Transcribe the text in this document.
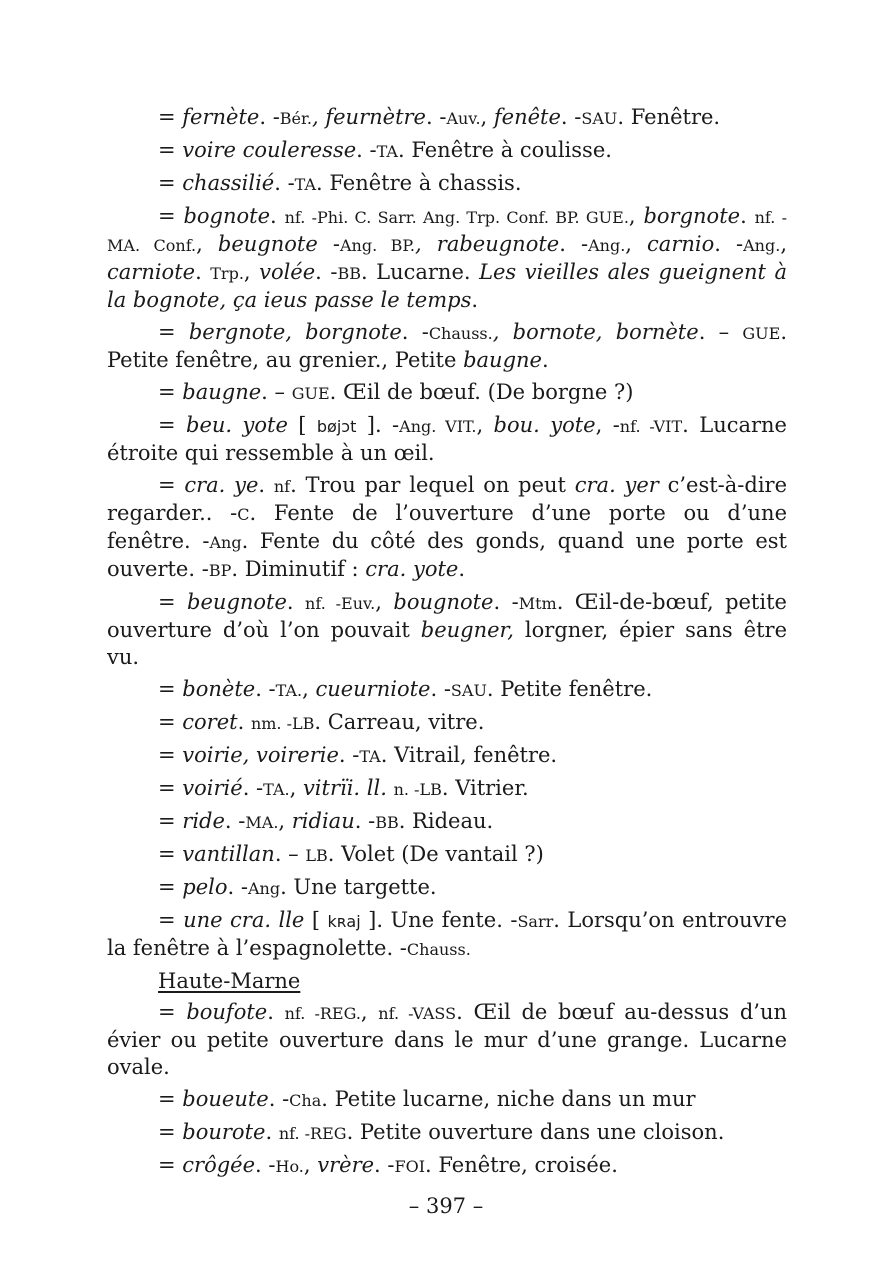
= fernète. -Bér., feurnètre. -Auv., fenête. -SAU. Fenêtre.

= voire couleresse. -TA. Fenêtre à coulisse.

= chassilié. -TA. Fenêtre à chassis.

= bognote. nf. -Phi. C. Sarr. Ang. Trp. Conf. BP. GUE., borgnote. nf. -MA. Conf., beugnote -Ang. BP., rabeugnote. -Ang., carnio. -Ang., carniote. Trp., volée. -BB. Lucarne. Les vieilles ales gueignent à la bognote, ça ieus passe le temps.

= bergnote, borgnote. -Chauss., bornote, bornète. – GUE. Petite fenêtre, au grenier., Petite baugne.

= baugne. – GUE. Œil de bœuf. (De borgne ?)

= beu. yote [ bøjɔt ]. -Ang. VIT., bou. yote, -nf. -VIT. Lucarne étroite qui ressemble à un œil.

= cra. ye. nf. Trou par lequel on peut cra. yer c’est-à-dire regarder.. -C. Fente de l’ouverture d’une porte ou d’une fenêtre. -Ang. Fente du côté des gonds, quand une porte est ouverte. -BP. Diminutif : cra. yote.

= beugnote. nf. -Euv., bougnote. -Mtm. Œil-de-bœuf, petite ouverture d’où l’on pouvait beugner, lorgner, épier sans être vu.

= bonète. -TA., cueurniote. -SAU. Petite fenêtre.

= coret. nm. -LB. Carreau, vitre.

= voirie, voirerie. -TA. Vitrail, fenêtre.

= voirié. -TA., vitrïi. ll. n. -LB. Vitrier.

= ride. -MA., ridiau. -BB. Rideau.

= vantillan. – LB. Volet (De vantail ?)

= pelo. -Ang. Une targette.

= une cra. lle [ kʀaj ]. Une fente. -Sarr. Lorsqu’on entrouvre la fenêtre à l’espagnolette. -Chauss.

Haute-Marne

= boufote. nf. -REG., nf. -VASS. Œil de bœuf au-dessus d’un évier ou petite ouverture dans le mur d’une grange. Lucarne ovale.

= boueute. -Cha. Petite lucarne, niche dans un mur

= bourote. nf. -REG. Petite ouverture dans une cloison.

= crôgée. -Ho., vrère. -FOI. Fenêtre, croisée.

– 397 –
